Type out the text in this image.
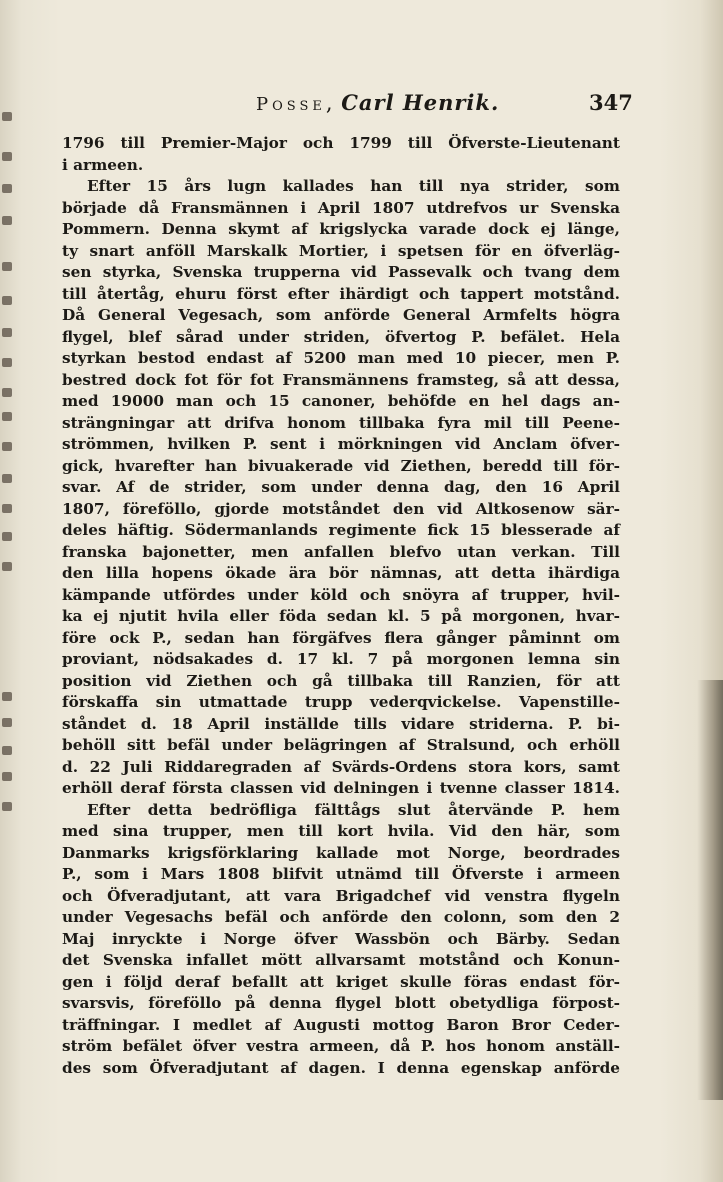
Posse, Carl Henrik.	347
1796 till Premier-Major och 1799 till Öfverste-Lieutenant
i armeen.
Efter 15 års lugn kallades han till nya strider, som
började då Fransmännen i April 1807 utdrefvos ur Svenska
Pommern. Denna skymt af krigslycka varade dock ej länge,
ty snart anföll Marskalk Mortier, i spetsen för en öfverläg-
sen styrka, Svenska trupperna vid Passevalk och tvang dem
till återtåg, ehuru först efter ihärdigt och tappert motstånd.
Då General Vegesach, som anförde General Armfelts högra
flygel, blef sårad under striden, öfvertog P. befälet. Hela
styrkan bestod endast af 5200 man med 10 piecer, men P.
bestred dock fot för fot Fransmännens framsteg, så att dessa,
med 19000 man och 15 canoner, behöfde en hel dags an-
strängningar att drifva honom tillbaka fyra mil till Peene-
strömmen, hvilken P. sent i mörkningen vid Anclam öfver-
gick, hvarefter han bivuakerade vid Ziethen, beredd till för-
svar. Af de strider, som under denna dag, den 16 April
1807, föreföllo, gjorde motståndet den vid Altkosenow sär-
deles häftig. Södermanlands regimente fick 15 blesserade af
franska bajonetter, men anfallen blefvo utan verkan. Till
den lilla hopens ökade ära bör nämnas, att detta ihärdiga
kämpande utfördes under köld och snöyra af trupper, hvil-
ka ej njutit hvila eller föda sedan kl. 5 på morgonen, hvar-
före ock P., sedan han förgäfves flera gånger påminnt om
proviant, nödsakades d. 17 kl. 7 på morgonen lemna sin
position vid Ziethen och gå tillbaka till Ranzien, för att
förskaffa sin utmattade trupp vederqvickelse. Vapenstille-
ståndet d. 18 April inställde tills vidare striderna. P. bi-
behöll sitt befäl under belägringen af Stralsund, och erhöll
d. 22 Juli Riddaregraden af Svärds-Ordens stora kors, samt
erhöll deraf första classen vid delningen i tvenne classer 1814.
Efter detta bedröfliga fälttågs slut återvände P. hem
med sina trupper, men till kort hvila. Vid den här, som
Danmarks krigsförklaring kallade mot Norge, beordrades
P., som i Mars 1808 blifvit utnämd till Öfverste i armeen
och Öfveradjutant, att vara Brigadchef vid venstra flygeln
under Vegesachs befäl och anförde den colonn, som den 2
Maj inryckte i Norge öfver Wassbön och Bärby. Sedan
det Svenska infallet mött allvarsamt motstånd och Konun-
gen i följd deraf befallt att kriget skulle föras endast för-
svarsvis, föreföllo på denna flygel blott obetydliga förpost-
träffningar. I medlet af Augusti mottog Baron Bror Ceder-
ström befälet öfver vestra armeen, då P. hos honom anställ-
des som Öfveradjutant af dagen. I denna egenskap anförde
